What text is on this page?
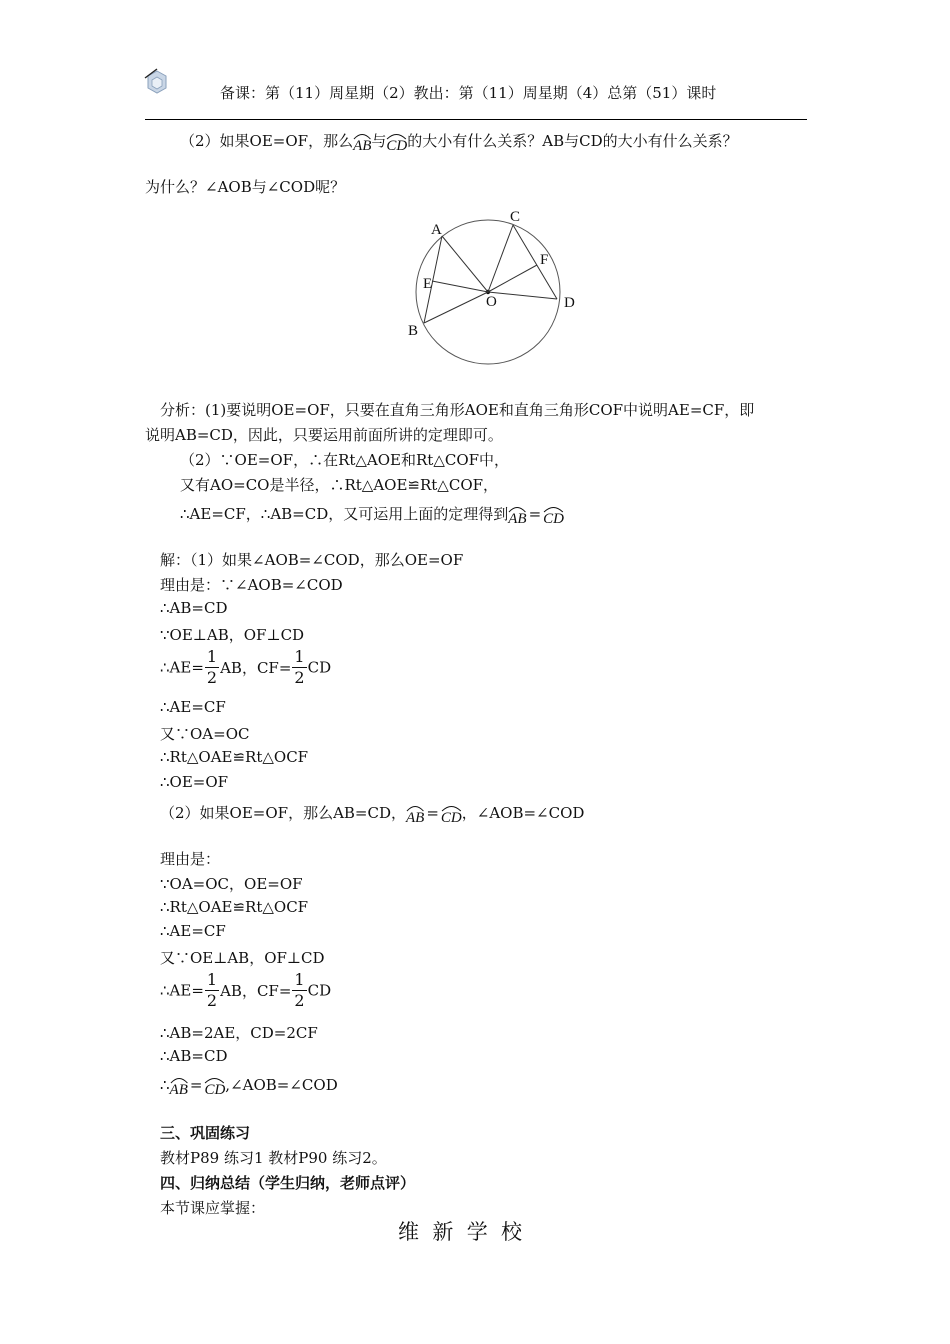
备课：第（11）周星期（2）教出：第（11）周星期（4）总第（51）课时
（2）如果OE=OF，那么
AB与
CD的大小有什么关系？AB与CD的大小有什么关系？
为什么？∠AOB与∠COD呢？
A
B
C
D
E
F
O
分析：(1)要说明OE=OF，只要在直角三角形AOE和直角三角形COF中说明AE=CF，即
说明AB=CD，因此，只要运用前面所讲的定理即可。
（2）∵OE=OF，∴在Rt△AOE和Rt△COF中，
又有AO=CO是半径，∴Rt△AOE≌Rt△COF，
∴AE=CF，∴AB=CD，又可运用上面的定理得到
AB = CD
解：（1）如果∠AOB=∠COD，那么OE=OF
理由是：∵∠AOB=∠COD
∴AB=CD
∵OE⊥AB，OF⊥CD
∴AE= $\frac{1}{2}$ AB，$CF= \frac{1}{2}$ CD
∴AE=CF
又∵OA=OC
∴Rt△OAE≌Rt△OCF
∴OE=OF
（2）如果OE=OF，那么AB=CD，
AB = CD，∠AOB=∠COD
理由是：
∵OA=OC，OE=OF
∴Rt△OAE≌Rt△OCF
∴AE=CF
又∵OE⊥AB，OF⊥CD
∴AE= $\frac{1}{2}$ AB，$CF= \frac{1}{2}$ CD
∴AB=2AE，CD=2CF
∴AB=CD
∴
AB = CD,∠AOB=∠COD
三、巩固练习
教材P89 练习1 教材P90 练习2。
四、归纳总结（学生归纳，老师点评）
本节课应掌握：
维  新  学  校
